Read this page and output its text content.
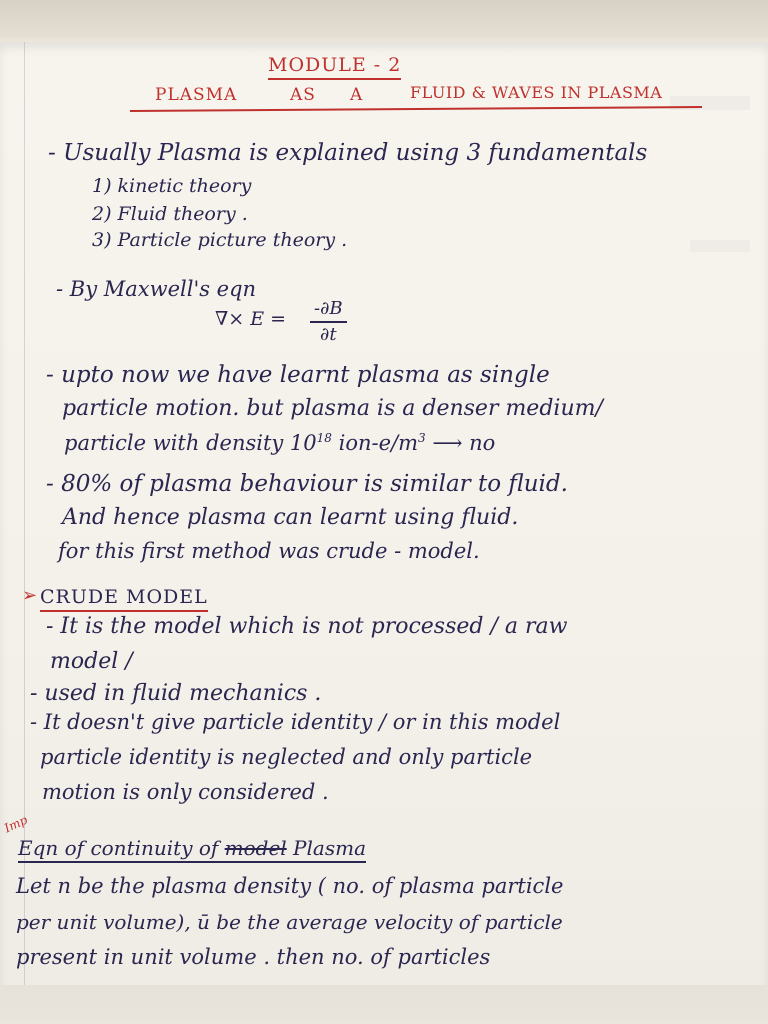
MODULE - 2

PLASMA	AS A	FLUID & WAVES IN PLASMA

- Usually Plasma is explained using 3 fundamentals

1) kinetic theory

2) Fluid theory .

3) Particle picture theory .

- By Maxwell's eqn

∇× $E = \frac{-\partial B}{\partial t}$

- upto now we have learnt plasma as single

particle motion. but plasma is a denser medium/

particle with density $10^{18}$ ion-$e/m^3$ ⟶ no

- 80% of plasma behaviour is similar to fluid.

And hence plasma can learnt using fluid.

for this first method was crude - model.

➢ CRUDE MODEL

- It is the model which is not processed / a raw

model /

- used in fluid mechanics .

- It doesn't give particle identity / or in this model

particle identity is neglected and only particle

motion is only considered .

Imp

Eqn of continuity of model Plasma

Let n be the plasma density ( no. of plasma particle

per unit volume), ū be the average velocity of particle

present in unit volume . then no. of particles
